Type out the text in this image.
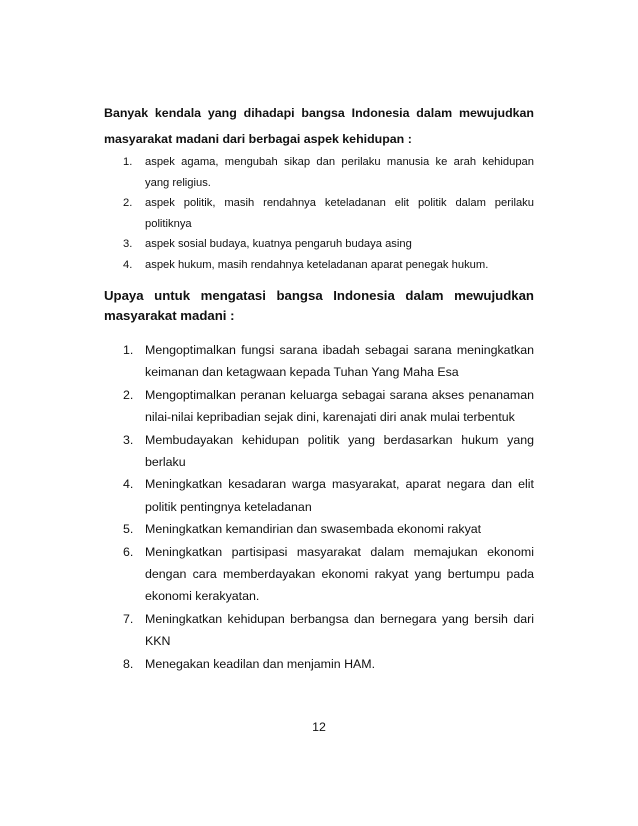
Banyak kendala yang dihadapi bangsa Indonesia dalam mewujudkan
masyarakat madani dari berbagai aspek kehidupan :
1. aspek agama, mengubah sikap dan perilaku manusia ke arah kehidupan
yang religius.
2. aspek politik, masih rendahnya keteladanan elit politik dalam perilaku
politiknya
3. aspek sosial budaya, kuatnya pengaruh budaya asing
4. aspek hukum, masih rendahnya keteladanan aparat penegak hukum.
Upaya untuk mengatasi bangsa Indonesia dalam mewujudkan
masyarakat madani :
1. Mengoptimalkan fungsi sarana ibadah sebagai sarana meningkatkan
keimanan dan ketagwaan kepada Tuhan Yang Maha Esa
2. Mengoptimalkan peranan keluarga sebagai sarana akses penanaman
nilai-nilai kepribadian sejak dini, karenajati diri anak mulai terbentuk
3. Membudayakan kehidupan politik yang berdasarkan hukum yang
berlaku
4. Meningkatkan kesadaran warga masyarakat, aparat negara dan elit
politik pentingnya keteladanan
5. Meningkatkan kemandirian dan swasembada ekonomi rakyat
6. Meningkatkan partisipasi masyarakat dalam memajukan ekonomi
dengan cara memberdayakan ekonomi rakyat yang bertumpu pada
ekonomi kerakyatan.
7. Meningkatkan kehidupan berbangsa dan bernegara yang bersih dari
KKN
8. Menegakan keadilan dan menjamin HAM.
12
